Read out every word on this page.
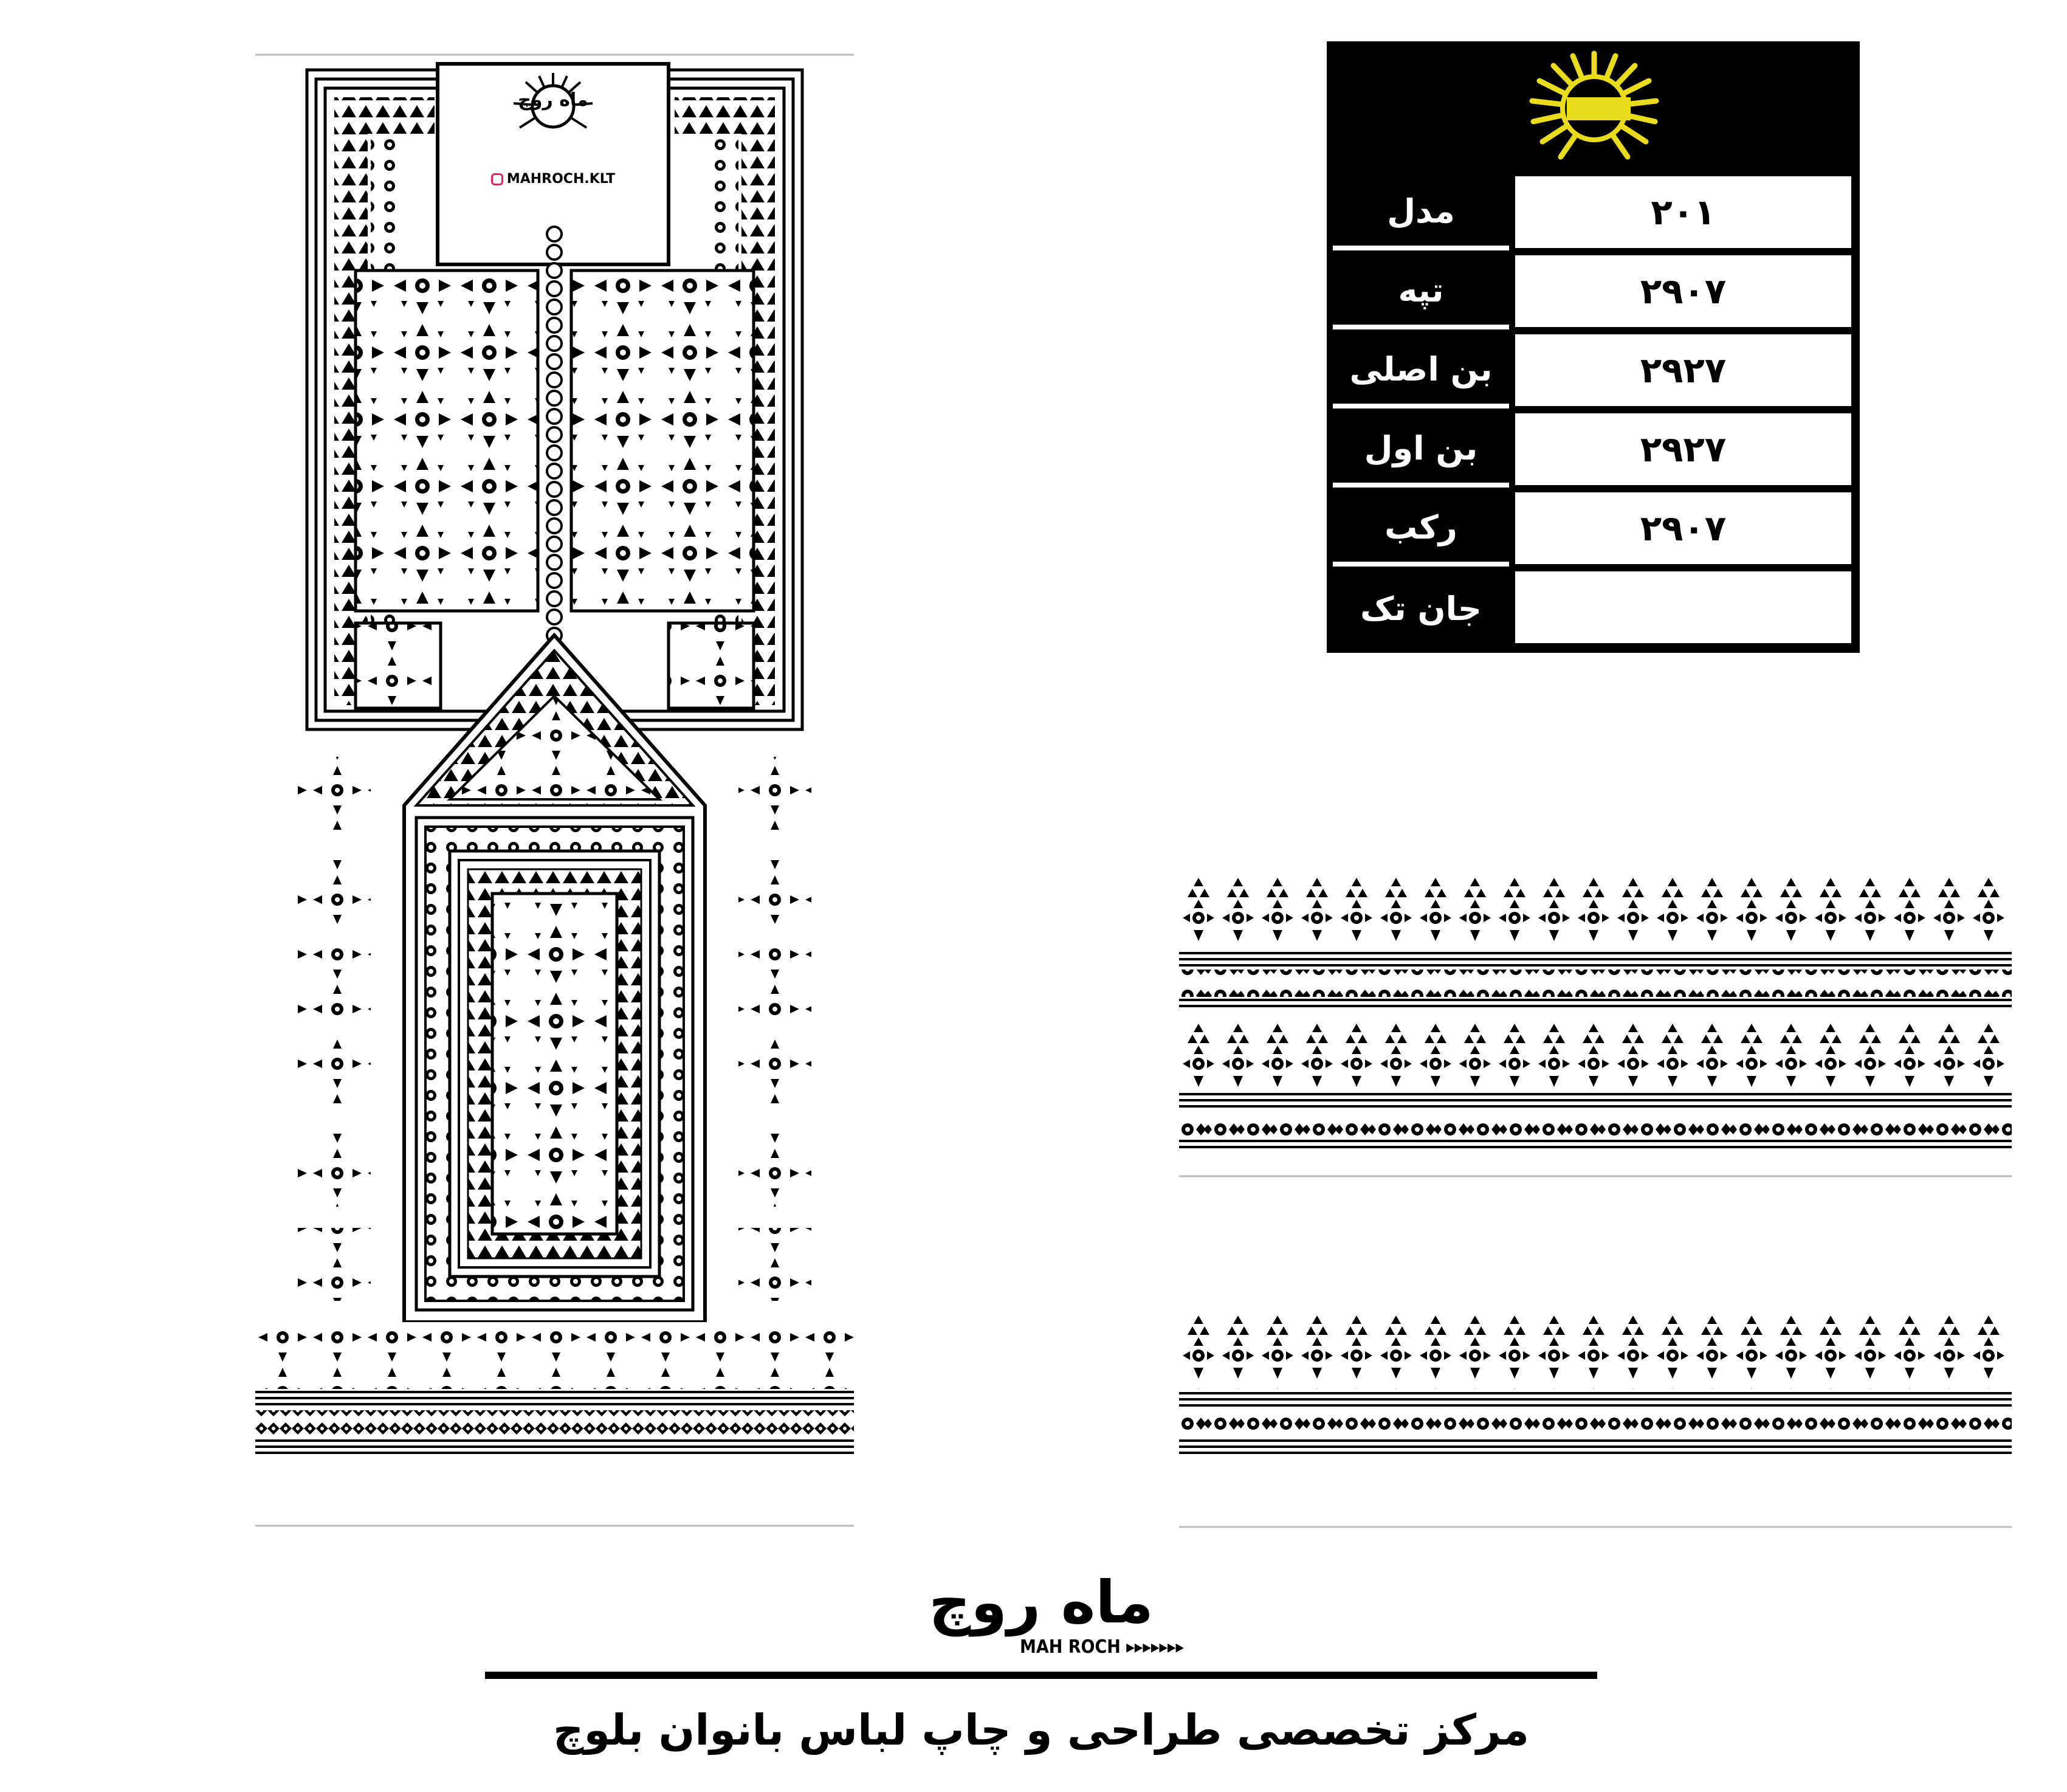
ماه روچ
MAHROCH.KLT
۲۰۱
مدل
۲۹۰۷
تپه
۲۹۲۷
بن اصلی
۲۹۲۷
بن اول
۲۹۰۷
رکب
جان تک
ماه روچ
MAH ROCH ▸▸▸▸▸▸▸
مرکز تخصصی طراحی و چاپ لباس بانوان بلوچ
